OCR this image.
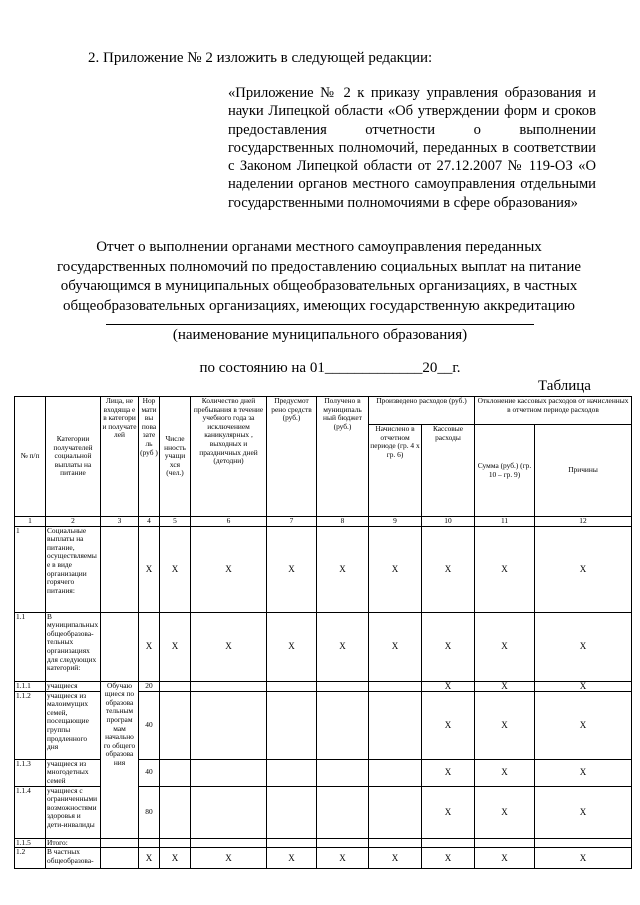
2. Приложение № 2 изложить в следующей редакции:
«Приложение № 2 к приказу управления образования и науки Липецкой области «Об утверждении форм и сроков предоставления отчетности о выполнении государственных полномочий, переданных в соответствии с Законом Липецкой области от 27.12.2007 № 119-ОЗ «О наделении органов местного самоуправления отдельными государственными полномочиями в сфере образования»
Отчет о выполнении органами местного самоуправления переданных
государственных полномочий по предоставлению социальных выплат на питание
обучающимся в муниципальных общеобразовательных организациях, в частных
общеобразовательных организациях, имеющих государственную аккредитацию
(наименование муниципального образования)
по состоянию на 01_____________20__г.
Таблица
№ п/п	Категории получателей социальной выплаты на питание	Лица, не входяща е в категори и получате лей	Нор мати вы пова зате ль (руб )	Числе нность учащи хся (чел.)	Количество дней пребывания в течение учебного года за исключением каникулярных , выходных и праздничных дней (детодни)	Предусмот рено средств (руб.)	Получено в муниципаль ный бюджет (руб.)	Произведено расходов (руб.)		Отклонение кассовых расходов от начисленных в отчетном периоде расходов	
								Начислено в отчетном периоде (гр. 4 х гр. 6)	Кассовые расходы	Сумма (руб.) (гр. 10 – гр. 9)	Причины
1	2	3	4	5	6	7	8	9	10	11	12
1	Социальные выплаты на питание, осуществляемы е в виде организации горячего питания:		X	X	X	X	X	X	X	X	X
1.1	В муниципальных общеобразова-тельных организациях для следующих категорий:		X	X	X	X	X	X	X	X	X
1.1.1	учащиеся	Обучаю щиеся по образова тельным програм мам начально го общего образова ния	20						X	X	X
1.1.2	учащиеся из малоимущих семей, посещающие группы продленного дня		40						X	X	X
1.1.3	учащиеся из многодетных семей		40						X	X	X
1.1.4	учащиеся с ограниченными возможностями здоровья и дети-инвалиды		80						X	X	X
1.1.5	Итого:										
1.2	В частных общеобразова-		X	X	X	X	X	X	X	X	X
